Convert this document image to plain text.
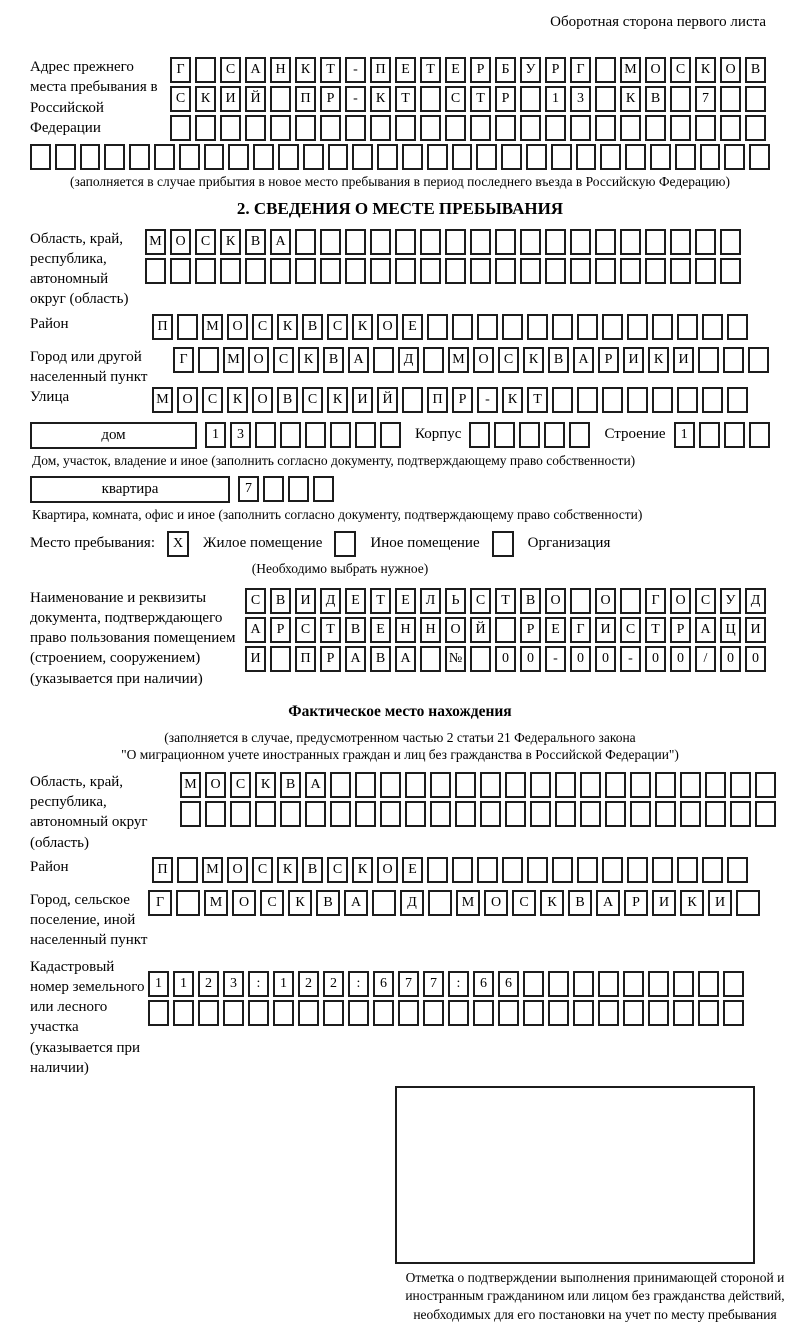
Оборотная сторона первого листа
Адрес прежнего места пребывания в Российской Федерации
Г	С	А	Н	К	Т	-	П	Е	Т	Е	Р	Б	У	Р	Г	М О	С	К	О	В
С	К	И	Й	П	Р	-	К	Т	С	Т	Р	1	3	К	В	7
(заполняется в случае прибытия в новое место пребывания в период последнего въезда в Российскую Федерацию)
2. СВЕДЕНИЯ О МЕСТЕ ПРЕБЫВАНИЯ
Область, край, республика, автономный округ (область)
М О	С	К	В	А
Район	П	М О	С	К	В	С	К	О	Е
Город или другой населенный пункт
Г	М О	С	К	В	А	Д	М О	С	К	В	А	Р	И	К	И
Улица	М О	С	К	О	В	С	К	И	Й	П	Р	-	К	Т
дом	1	3	Корпус	Строение	1
Дом, участок, владение и иное (заполнить согласно документу, подтверждающему право собственности)
квартира	7
Квартира, комната, офис и иное (заполнить согласно документу, подтверждающему право собственности)
Место пребывания:	X	Жилое помещение	Иное помещение	Организация
(Необходимо выбрать нужное)
Наименование и реквизиты документа, подтверждающего право пользования помещением (строением, сооружением) (указывается при наличии)
С	В	И	Д	Е	Т	Е	Л	Ь	С	Т	В	О	О	Г	О	С	У	Д
А	Р	С	Т	В	Е	Н	Н	О	Й	Р	Е	Г	И	С	Т	Р	А	Ц	И
И	П	Р	А	В	А	№	0	0	-	0	0	-	0	0	/	0	0
Фактическое место нахождения
(заполняется в случае, предусмотренном частью 2 статьи 21 Федерального закона
"О миграционном учете иностранных граждан и лиц без гражданства в Российской Федерации")
Область, край, республика, автономный округ (область)
М О	С	К	В	А
Район	П	М О	С	К	В	С	К	О	Е
Город, сельское поселение, иной населенный пункт
Г	М	О	С	К	В	А	Д	М	О	С	К	В	А	Р	И	К	И
Кадастровый номер земельного или лесного участка (указывается при наличии)
1	1	2	3	:	1	2	2	:	6	7	7	:	6	6
Отметка о подтверждении выполнения принимающей стороной и иностранным гражданином или лицом без гражданства действий, необходимых для его постановки на учет по месту пребывания
